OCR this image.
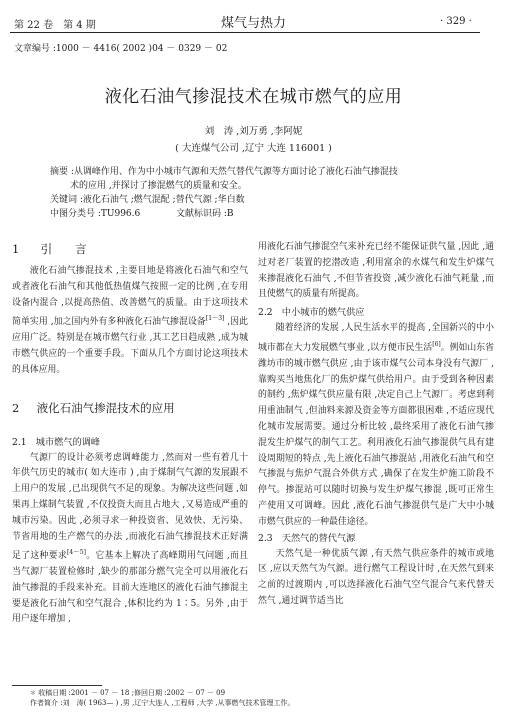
第 22 卷　第 4 期	煤气与热力	· 329 ·
文章编号 :1000 － 4416( 2002 )04 － 0329 － 02
液化石油气掺混技术在城市燃气的应用
刘　涛 ,刘万勇 ,李阿妮
( 大连煤气公司 ,辽宁 大连 116001 )
摘要 :从调峰作用、作为中小城市气源和天然气替代气源等方面讨论了液化石油气掺混技
术的应用 ,并探讨了掺混燃气的质量和安全。
关键词 :液化石油气 ;燃气混配 ;替代气源 ;华白数
中图分类号 :TU996.6	文献标识码 :B
1 引　　言

液化石油气掺混技术 ,主要目地是将液化石油气和空气或者液化石油气和其他低热值煤气按照一定的比例 ,在专用设备内混合 ,以提高热值、改善燃气的质量。由于这项技术简单实用 ,加之国内外有多种液化石油气掺混设备[1～3] ,因此应用广泛。特别是在城市燃气行业 ,其工艺日趋成熟 ,成为城市燃气供应的一个重要手段。下面从几个方面讨论这项技术的具体应用。

2 液化石油气掺混技术的应用
2.1　城市燃气的调峰

气源厂的设计必须考虑调峰能力 ,然而对一些有着几十年供气历史的城市( 如大连市 ) ,由于煤制气气源的发展跟不上用户的发展 ,已出现供气不足的现象。为解决这些问题 ,如果再上煤制气装置 ,不仅投资大而且占地大 ,又易造成严重的城市污染。因此 ,必须寻求一种投资省、见效快、无污染、节省用地的生产燃气的办法 ,而液化石油气掺混技术正好满足了这种要求[4～5]。它基本上解决了高峰期用气问题 ,而且当气源厂装置检修时 ,缺少的那部分燃气完全可以用液化石油气掺混的手段来补充。目前大连地区的液化石油气掺混主要是液化石油气和空气混合 ,体积比约为 1∶5。另外 ,由于用户逐年增加 ,

用液化石油气掺混空气来补充已经不能保证供气量 ,因此 ,通过对老厂装置的挖潜改造 ,利用富余的水煤气和发生炉煤气来掺混液化石油气 ,不但节省投资 ,减少液化石油气耗量 ,而且使燃气的质量有所提高。

2.2　中小城市的燃气供应

随着经济的发展 ,人民生活水平的提高 ,全国新兴的中小城市都在大力发展燃气事业 ,以方便市民生活[6]。例如山东省潍坊市的城市燃气供应 ,由于该市煤气公司本身没有气源厂 ,靠购买当地焦化厂的焦炉煤气供给用户。由于受到各种因素的制约 ,焦炉煤气供应量有限 ,决定自己上气源厂。考虑到利用重油制气 ,但油料来源及资金等方面都很困难 ,不适应现代化城市发展需要。通过分析比较 ,最终采用了液化石油气掺混发生炉煤气的制气工艺。利用液化石油气掺混供气具有建设周期短的特点 ,先上液化石油气掺混站 ,用液化石油气和空气掺混与焦炉气混合外供方式 ,确保了在发生炉施工阶段不停气。掺混站可以随时切换与发生炉煤气掺混 ,既可正常生产使用又可调峰。因此 ,液化石油气掺混供气是广大中小城市燃气供应的一种最佳途径。

2.3　天然气的替代气源

天然气是一种优质气源 ,有天然气供应条件的城市或地区 ,应以天然气为气源。进行燃气工程设计时 ,在天然气到来之前的过渡期内 ,可以选择液化石油气空气混合气来代替天然气 ,通过调节适当比

＊ 收稿日期 :2001 － 07 － 18 ;修回日期 :2002 － 07 － 09
作者简介 :刘　涛( 1963— ) ,男 ,辽宁大连人 ,工程师 ,大学 ,从事燃气技术管理工作。
